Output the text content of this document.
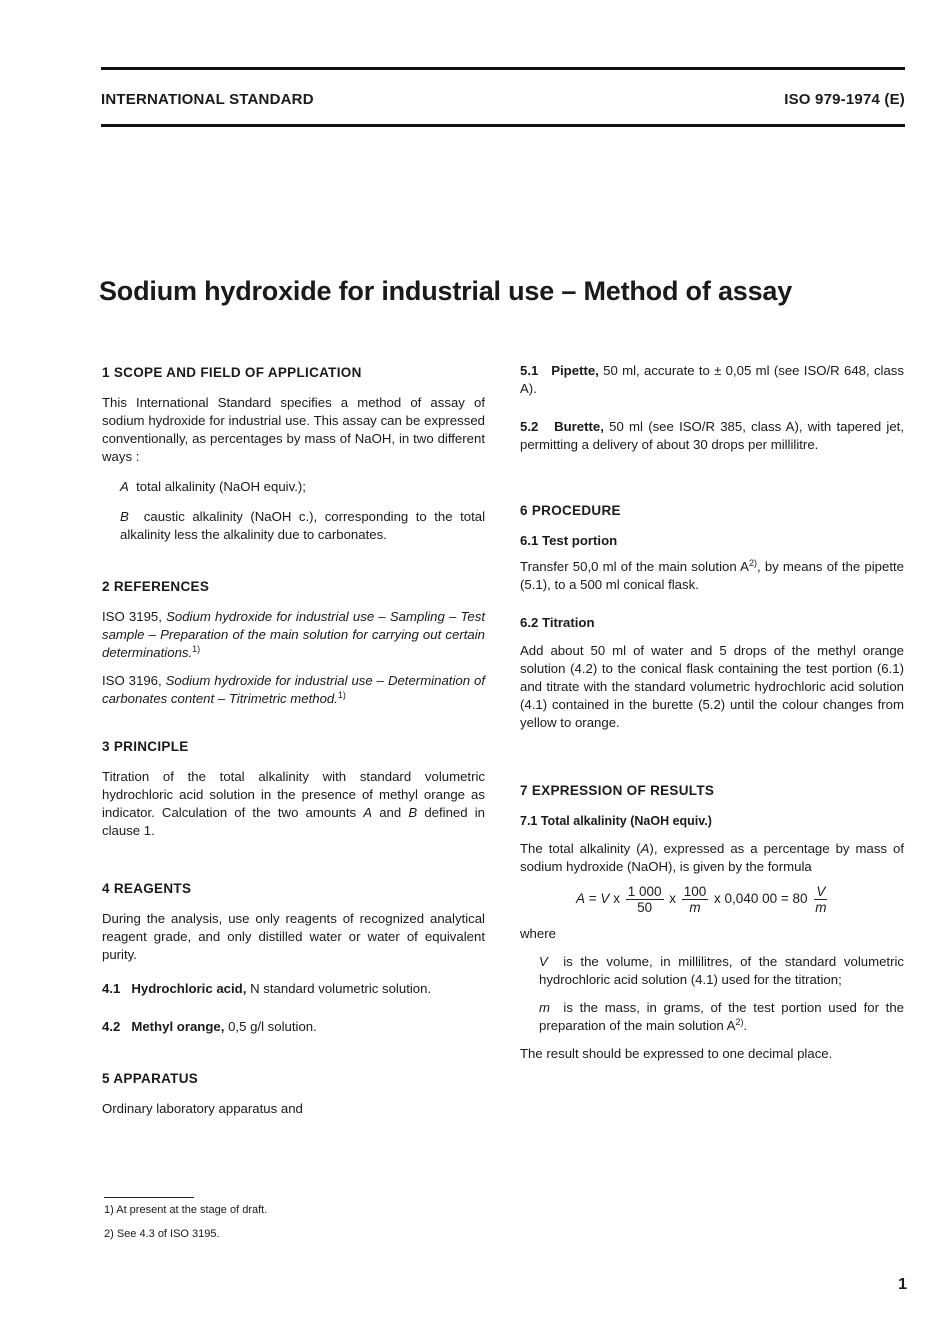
INTERNATIONAL STANDARD	ISO 979-1974 (E)
Sodium hydroxide for industrial use – Method of assay
1 SCOPE AND FIELD OF APPLICATION

This International Standard specifies a method of assay of sodium hydroxide for industrial use. This assay can be expressed conventionally, as percentages by mass of NaOH, in two different ways :

A total alkalinity (NaOH equiv.);

B caustic alkalinity (NaOH c.), corresponding to the total alkalinity less the alkalinity due to carbonates.

2 REFERENCES

ISO 3195, Sodium hydroxide for industrial use – Sampling – Test sample – Preparation of the main solution for carrying out certain determinations.$^{1)}$

ISO 3196, Sodium hydroxide for industrial use – Determination of carbonates content – Titrimetric method.$^{1)}$

3 PRINCIPLE

Titration of the total alkalinity with standard volumetric hydrochloric acid solution in the presence of methyl orange as indicator. Calculation of the two amounts A and B defined in clause 1.

4 REAGENTS

During the analysis, use only reagents of recognized analytical reagent grade, and only distilled water or water of equivalent purity.

4.1 Hydrochloric acid, N standard volumetric solution.

4.2 Methyl orange, 0,5 g/l solution.

5 APPARATUS

Ordinary laboratory apparatus and

5.1 Pipette, 50 ml, accurate to ± 0,05 ml (see ISO/R 648, class A).

5.2 Burette, 50 ml (see ISO/R 385, class A), with tapered jet, permitting a delivery of about 30 drops per millilitre.

6 PROCEDURE
6.1 Test portion

Transfer 50,0 ml of the main solution $A^{2)}$, by means of the pipette (5.1), to a 500 ml conical flask.

6.2 Titration

Add about 50 ml of water and 5 drops of the methyl orange solution (4.2) to the conical flask containing the test portion (6.1) and titrate with the standard volumetric hydrochloric acid solution (4.1) contained in the burette (5.2) until the colour changes from yellow to orange.

7 EXPRESSION OF RESULTS
7.1 Total alkalinity (NaOH equiv.)

The total alkalinity (A), expressed as a percentage by mass of sodium hydroxide (NaOH), is given by the formula

A = V x $\frac{1 000}{50}$ x $\frac{100}{m}$ x 0,040 $00 = 80 \frac{V}{m}$

where

V is the volume, in millilitres, of the standard volumetric hydrochloric acid solution (4.1) used for the titration;

m is the mass, in grams, of the test portion used for the preparation of the main solution $A^{2)}$.

The result should be expressed to one decimal place.

1) At present at the stage of draft.
2) See 4.3 of ISO 3195.
1
